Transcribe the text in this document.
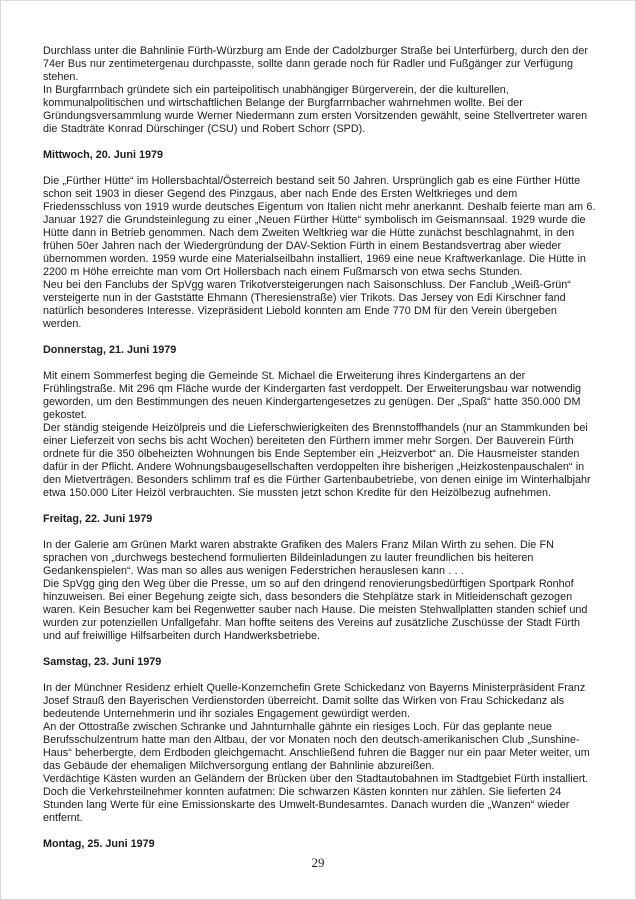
Durchlass unter die Bahnlinie Fürth-Würzburg am Ende der Cadolzburger Straße bei Unterfürberg, durch den der 74er Bus nur zentimetergenau durchpasste, sollte dann gerade noch für Radler und Fußgänger zur Verfügung stehen.

In Burgfarrnbach gründete sich ein parteipolitisch unabhängiger Bürgerverein, der die kulturellen, kommunalpolitischen und wirtschaftlichen Belange der Burgfarrnbacher wahrnehmen wollte. Bei der Gründungsversammlung wurde Werner Niedermann zum ersten Vorsitzenden gewählt, seine Stellvertreter waren die Stadträte Konrad Dürschinger (CSU) und Robert Schorr (SPD).

Mittwoch, 20. Juni 1979

Die „Fürther Hütte“ im Hollersbachtal/Österreich bestand seit 50 Jahren. Ursprünglich gab es eine Fürther Hütte schon seit 1903 in dieser Gegend des Pinzgaus, aber nach Ende des Ersten Weltkrieges und dem Friedensschluss von 1919 wurde deutsches Eigentum von Italien nicht mehr anerkannt. Deshalb feierte man am 6. Januar 1927 die Grundsteinlegung zu einer „Neuen Fürther Hütte“ symbolisch im Geismannsaal. 1929 wurde die Hütte dann in Betrieb genommen. Nach dem Zweiten Weltkrieg war die Hütte zunächst beschlagnahmt, in den frühen 50er Jahren nach der Wiedergründung der DAV-Sektion Fürth in einem Bestandsvertrag aber wieder übernommen worden. 1959 wurde eine Materialseilbahn installiert, 1969 eine neue Kraftwerkanlage. Die Hütte in 2200 m Höhe erreichte man vom Ort Hollersbach nach einem Fußmarsch von etwa sechs Stunden.

Neu bei den Fanclubs der SpVgg waren Trikotversteigerungen nach Saisonschluss. Der Fanclub „Weiß-Grün“ versteigerte nun in der Gaststätte Ehmann (Theresienstraße) vier Trikots. Das Jersey von Edi Kirschner fand natürlich besonderes Interesse. Vizepräsident Liebold konnten am Ende 770 DM für den Verein übergeben werden.

Donnerstag, 21. Juni 1979

Mit einem Sommerfest beging die Gemeinde St. Michael die Erweiterung ihres Kindergartens an der Frühlingstraße. Mit 296 qm Fläche wurde der Kindergarten fast verdoppelt. Der Erweiterungsbau war notwendig geworden, um den Bestimmungen des neuen Kindergartengesetzes zu genügen. Der „Spaß“ hatte 350.000 DM gekostet.

Der ständig steigende Heizölpreis und die Lieferschwierigkeiten des Brennstoffhandels (nur an Stammkunden bei einer Lieferzeit von sechs bis acht Wochen) bereiteten den Fürthern immer mehr Sorgen. Der Bauverein Fürth ordnete für die 350 ölbeheizten Wohnungen bis Ende September ein „Heizverbot“ an. Die Hausmeister standen dafür in der Pflicht. Andere Wohnungsbaugesellschaften verdoppelten ihre bisherigen „Heizkostenpauschalen“ in den Mietverträgen. Besonders schlimm traf es die Fürther Gartenbaubetriebe, von denen einige im Winterhalbjahr etwa 150.000 Liter Heizöl verbrauchten. Sie mussten jetzt schon Kredite für den Heizölbezug aufnehmen.

Freitag, 22. Juni 1979

In der Galerie am Grünen Markt waren abstrakte Grafiken des Malers Franz Milan Wirth zu sehen. Die FN sprachen von „durchwegs bestechend formulierten Bildeinladungen zu lauter freundlichen bis heiteren Gedankenspielen“. Was man so alles aus wenigen Federstrichen herauslesen kann . . .

Die SpVgg ging den Weg über die Presse, um so auf den dringend renovierungsbedürftigen Sportpark Ronhof hinzuweisen. Bei einer Begehung zeigte sich, dass besonders die Stehplätze stark in Mitleidenschaft gezogen waren. Kein Besucher kam bei Regenwetter sauber nach Hause. Die meisten Stehwallplatten standen schief und wurden zur potenziellen Unfallgefahr. Man hoffte seitens des Vereins auf zusätzliche Zuschüsse der Stadt Fürth und auf freiwillige Hilfsarbeiten durch Handwerksbetriebe.

Samstag, 23. Juni 1979

In der Münchner Residenz erhielt Quelle-Konzernchefin Grete Schickedanz von Bayerns Ministerpräsident Franz Josef Strauß den Bayerischen Verdienstorden überreicht. Damit sollte das Wirken von Frau Schickedanz als bedeutende Unternehmerin und ihr soziales Engagement gewürdigt werden.

An der Ottostraße zwischen Schranke und Jahnturnhalle gähnte ein riesiges Loch. Für das geplante neue Berufsschulzentrum hatte man den Altbau, der vor Monaten noch den deutsch-amerikanischen Club „Sunshine-Haus“ beherbergte, dem Erdboden gleichgemacht. Anschließend fuhren die Bagger nur ein paar Meter weiter, um das Gebäude der ehemaligen Milchversorgung entlang der Bahnlinie abzureißen.

Verdächtige Kästen wurden an Geländern der Brücken über den Stadtautobahnen im Stadtgebiet Fürth installiert. Doch die Verkehrsteilnehmer konnten aufatmen: Die schwarzen Kästen konnten nur zählen. Sie lieferten 24 Stunden lang Werte für eine Emissionskarte des Umwelt-Bundesamtes. Danach wurden die „Wanzen“ wieder entfernt.

Montag, 25. Juni 1979
29
